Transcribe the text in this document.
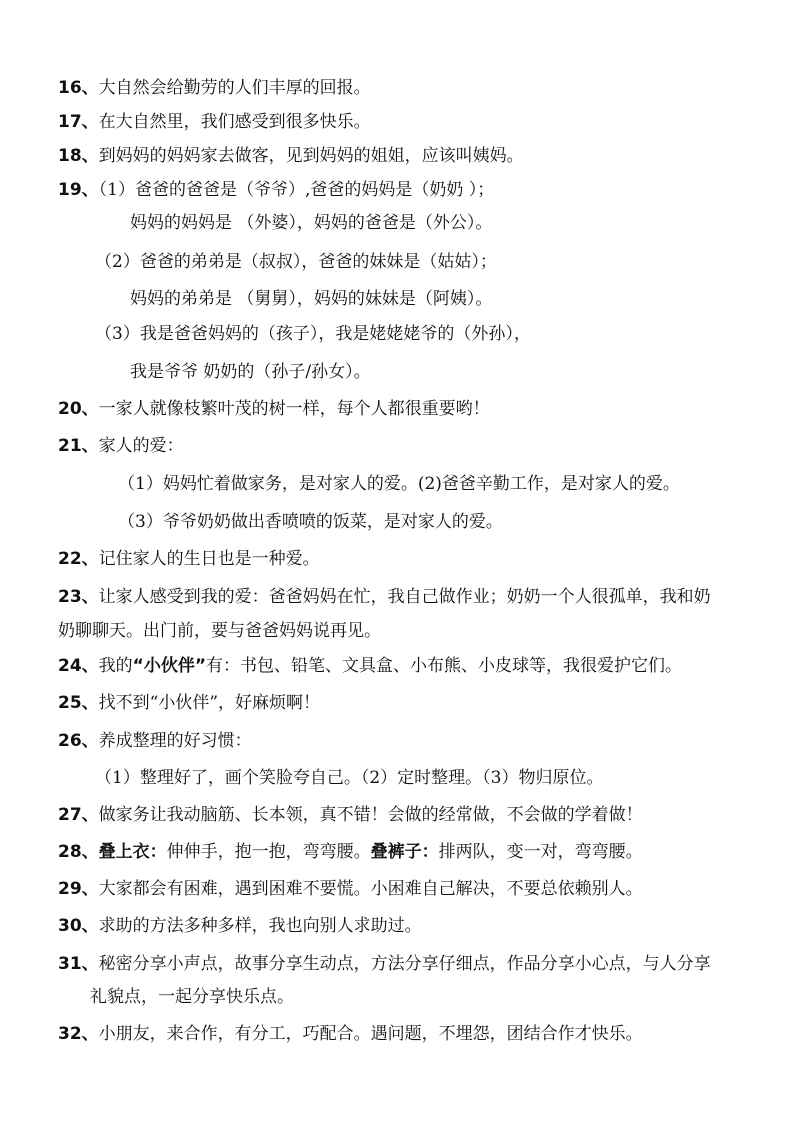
16、大自然会给勤劳的人们丰厚的回报。
17、在大自然里，我们感受到很多快乐。
18、到妈妈的妈妈家去做客，见到妈妈的姐姐，应该叫姨妈。
19、（1）爸爸的爸爸是（爷爷）,爸爸的妈妈是（奶奶 ）；
妈妈的妈妈是 （外婆），妈妈的爸爸是（外公）。
（2）爸爸的弟弟是（叔叔），爸爸的妹妹是（姑姑）；
妈妈的弟弟是 （舅舅），妈妈的妹妹是（阿姨）。
（3）我是爸爸妈妈的（孩子），我是姥姥姥爷的（外孙），
我是爷爷 奶奶的（孙子/孙女）。
20、一家人就像枝繁叶茂的树一样，每个人都很重要哟！
21、家人的爱：
（1）妈妈忙着做家务，是对家人的爱。(2)爸爸辛勤工作，是对家人的爱。
（3）爷爷奶奶做出香喷喷的饭菜，是对家人的爱。
22、记住家人的生日也是一种爱。
23、让家人感受到我的爱：爸爸妈妈在忙，我自己做作业；奶奶一个人很孤单，我和奶
奶聊聊天。出门前，要与爸爸妈妈说再见。
24、我的“小伙伴”有：书包、铅笔、文具盒、小布熊、小皮球等，我很爱护它们。
25、找不到“小伙伴”，好麻烦啊！
26、养成整理的好习惯：
（1）整理好了，画个笑脸夸自己。（2）定时整理。（3）物归原位。
27、做家务让我动脑筋、长本领，真不错！会做的经常做，不会做的学着做！
28、叠上衣：伸伸手，抱一抱，弯弯腰。叠裤子：排两队，变一对，弯弯腰。
29、大家都会有困难，遇到困难不要慌。小困难自己解决，不要总依赖别人。
30、求助的方法多种多样，我也向别人求助过。
31、秘密分享小声点，故事分享生动点，方法分享仔细点，作品分享小心点，与人分享
礼貌点，一起分享快乐点。
32、小朋友，来合作，有分工，巧配合。遇问题，不埋怨，团结合作才快乐。
